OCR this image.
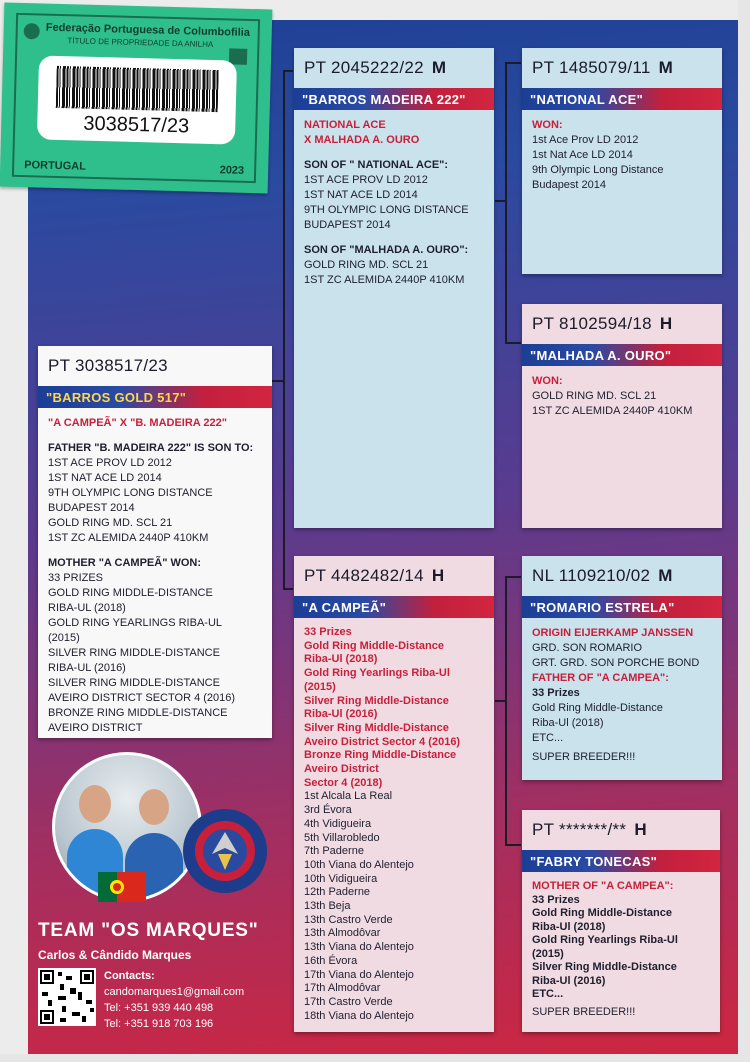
Federação Portuguesa de Columbofilia
TÍTULO DE PROPRIEDADE DA ANILHA
3038517/23
PORTUGAL	2023
PT 3038517/23
"BARROS GOLD 517"
"A CAMPEÃ" X "B. MADEIRA 222"
FATHER "B. MADEIRA 222" IS SON TO:
1ST ACE PROV LD 2012
1ST NAT ACE LD 2014
9TH OLYMPIC LONG DISTANCE
BUDAPEST 2014
GOLD RING MD. SCL 21
1ST ZC ALEMIDA 2440P 410KM
MOTHER "A CAMPEÃ" WON:
33 PRIZES
GOLD RING MIDDLE-DISTANCE
RIBA-UL (2018)
GOLD RING YEARLINGS RIBA-UL
(2015)
SILVER RING MIDDLE-DISTANCE
RIBA-UL (2016)
SILVER RING MIDDLE-DISTANCE
AVEIRO DISTRICT SECTOR 4 (2016)
BRONZE RING MIDDLE-DISTANCE
AVEIRO DISTRICT
PT 2045222/22 M
"BARROS MADEIRA 222"
NATIONAL ACE
X MALHADA A. OURO
SON OF " NATIONAL ACE":
1ST ACE PROV LD 2012
1ST NAT ACE LD 2014
9TH OLYMPIC LONG DISTANCE
BUDAPEST 2014
SON OF "MALHADA A. OURO":
GOLD RING MD. SCL 21
1ST ZC ALEMIDA 2440P 410KM
PT 1485079/11 M
"NATIONAL ACE"
WON:
1st Ace Prov LD 2012
1st Nat Ace LD 2014
9th Olympic Long Distance
Budapest 2014
PT 8102594/18 H
"MALHADA A. OURO"
WON:
GOLD RING MD. SCL 21
1ST ZC ALEMIDA 2440P 410KM
PT 4482482/14 H
"A CAMPEÃ"
33 Prizes
Gold Ring Middle-Distance
Riba-Ul (2018)
Gold Ring Yearlings Riba-Ul
(2015)
Silver Ring Middle-Distance
Riba-Ul (2016)
Silver Ring Middle-Distance
Aveiro District Sector 4 (2016)
Bronze Ring Middle-Distance
Aveiro District
Sector 4 (2018)
1st Alcala La Real
3rd Évora
4th Vidigueira
5th Villarobledo
7th Paderne
10th Viana do Alentejo
10th Vidigueira
12th Paderne
13th Beja
13th Castro Verde
13th Almodôvar
13th Viana do Alentejo
16th Évora
17th Viana do Alentejo
17th Almodôvar
17th Castro Verde
18th Viana do Alentejo
NL 1109210/02 M
"ROMARIO ESTRELA"
ORIGIN EIJERKAMP JANSSEN
GRD. SON ROMARIO
GRT. GRD. SON PORCHE BOND
FATHER OF "A CAMPEA":
33 Prizes
Gold Ring Middle-Distance
Riba-Ul (2018)
ETC...
SUPER BREEDER!!!
PT *******/** H
"FABRY TONECAS"
MOTHER OF "A CAMPEA":
33 Prizes
Gold Ring Middle-Distance
Riba-Ul (2018)
Gold Ring Yearlings Riba-Ul
(2015)
Silver Ring Middle-Distance
Riba-Ul (2016)
ETC...
SUPER BREEDER!!!
TEAM "OS MARQUES"
Carlos & Cândido Marques
Contacts:
candomarques1@gmail.com
Tel: +351 939 440 498
Tel: +351 918 703 196
